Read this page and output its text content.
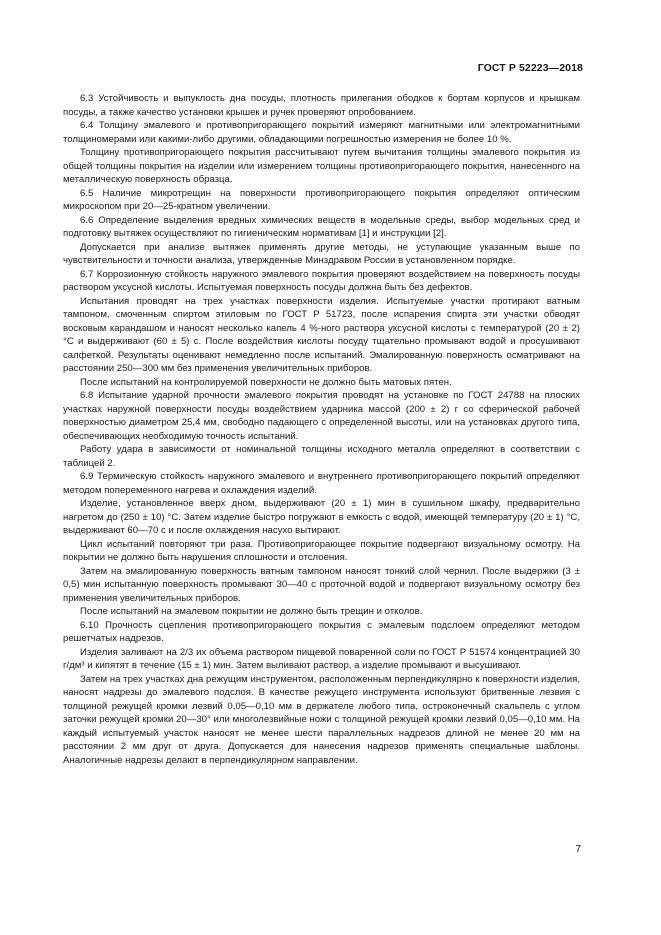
ГОСТ Р 52223—2018

6.3 Устойчивость и выпуклость дна посуды, плотность прилегания ободков к бортам корпусов и крышкам посуды, а также качество установки крышек и ручек проверяют опробованием.

6.4 Толщину эмалевого и противопригорающего покрытий измеряют магнитными или электромагнитными толщиномерами или какими-либо другими, обладающими погрешностью измерения не более 10 %.

Толщину противопригорающего покрытия рассчитывают путем вычитания толщины эмалевого покрытия из общей толщины покрытия на изделии или измерением толщины противопригорающего покрытия, нанесенного на металлическую поверхность образца.

6.5 Наличие микротрещин на поверхности противопригорающего покрытия определяют оптическим микроскопом при 20—25-кратном увеличении.

6.6 Определение выделения вредных химических веществ в модельные среды, выбор модельных сред и подготовку вытяжек осуществляют по гигиеническим нормативам [1] и инструкции [2].

Допускается при анализе вытяжек применять другие методы, не уступающие указанным выше по чувствительности и точности анализа, утвержденные Минздравом России в установленном порядке.

6.7 Коррозионную стойкость наружного эмалевого покрытия проверяют воздействием на поверхность посуды раствором уксусной кислоты. Испытуемая поверхность посуды должна быть без дефектов.

Испытания проводят на трех участках поверхности изделия. Испытуемые участки протирают ватным тампоном, смоченным спиртом этиловым по ГОСТ Р 51723, после испарения спирта эти участки обводят восковым карандашом и наносят несколько капель 4 %-ного раствора уксусной кислоты с температурой (20 ± 2) °С и выдерживают (60 ± 5) с. После воздействия кислоты посуду тщательно промывают водой и просушивают салфеткой. Результаты оценивают немедленно после испытаний. Эмалированную поверхность осматривают на расстоянии 250—300 мм без применения увеличительных приборов.

После испытаний на контролируемой поверхности не должно быть матовых пятен.

6.8 Испытание ударной прочности эмалевого покрытия проводят на установке по ГОСТ 24788 на плоских участках наружной поверхности посуды воздействием ударника массой (200 ± 2) г со сферической рабочей поверхностью диаметром 25,4 мм, свободно падающего с определенной высоты, или на установках другого типа, обеспечивающих необходимую точность испытаний.

Работу удара в зависимости от номинальной толщины исходного металла определяют в соответствии с таблицей 2.

6.9 Термическую стойкость наружного эмалевого и внутреннего противопригорающего покрытий определяют методом попеременного нагрева и охлаждения изделий.

Изделие, установленное вверх дном, выдерживают (20 ± 1) мин в сушильном шкафу, предварительно нагретом до (250 ± 10) °С. Затем изделие быстро погружают в емкость с водой, имеющей температуру (20 ± 1) °С, выдерживают 60—70 с и после охлаждения насухо вытирают.

Цикл испытаний повторяют три раза. Противопригорающее покрытие подвергают визуальному осмотру. На покрытии не должно быть нарушения сплошности и отслоения.

Затем на эмалированную поверхность ватным тампоном наносят тонкий слой чернил. После выдержки (3 ± 0,5) мин испытанную поверхность промывают 30—40 с проточной водой и подвергают визуальному осмотру без применения увеличительных приборов.

После испытаний на эмалевом покрытии не должно быть трещин и отколов.

6.10 Прочность сцепления противопригорающего покрытия с эмалевым подслоем определяют методом решетчатых надрезов.

Изделия заливают на 2/3 их объема раствором пищевой поваренной соли по ГОСТ Р 51574 концентрацией 30 г/дм³ и кипятят в течение (15 ± 1) мин. Затем выливают раствор, а изделие промывают и высушивают.

Затем на трех участках дна режущим инструментом, расположенным перпендикулярно к поверхности изделия, наносят надрезы до эмалевого подслоя. В качестве режущего инструмента используют бритвенные лезвия с толщиной режущей кромки лезвий 0,05—0,10 мм в держателе любого типа, остроконечный скальпель с углом заточки режущей кромки 20—30° или многолезвийные ножи с толщиной режущей кромки лезвий 0,05—0,10 мм. На каждый испытуемый участок наносят не менее шести параллельных надрезов длиной не менее 20 мм на расстоянии 2 мм друг от друга. Допускается для нанесения надрезов применять специальные шаблоны. Аналогичные надрезы делают в перпендикулярном направлении.

7
